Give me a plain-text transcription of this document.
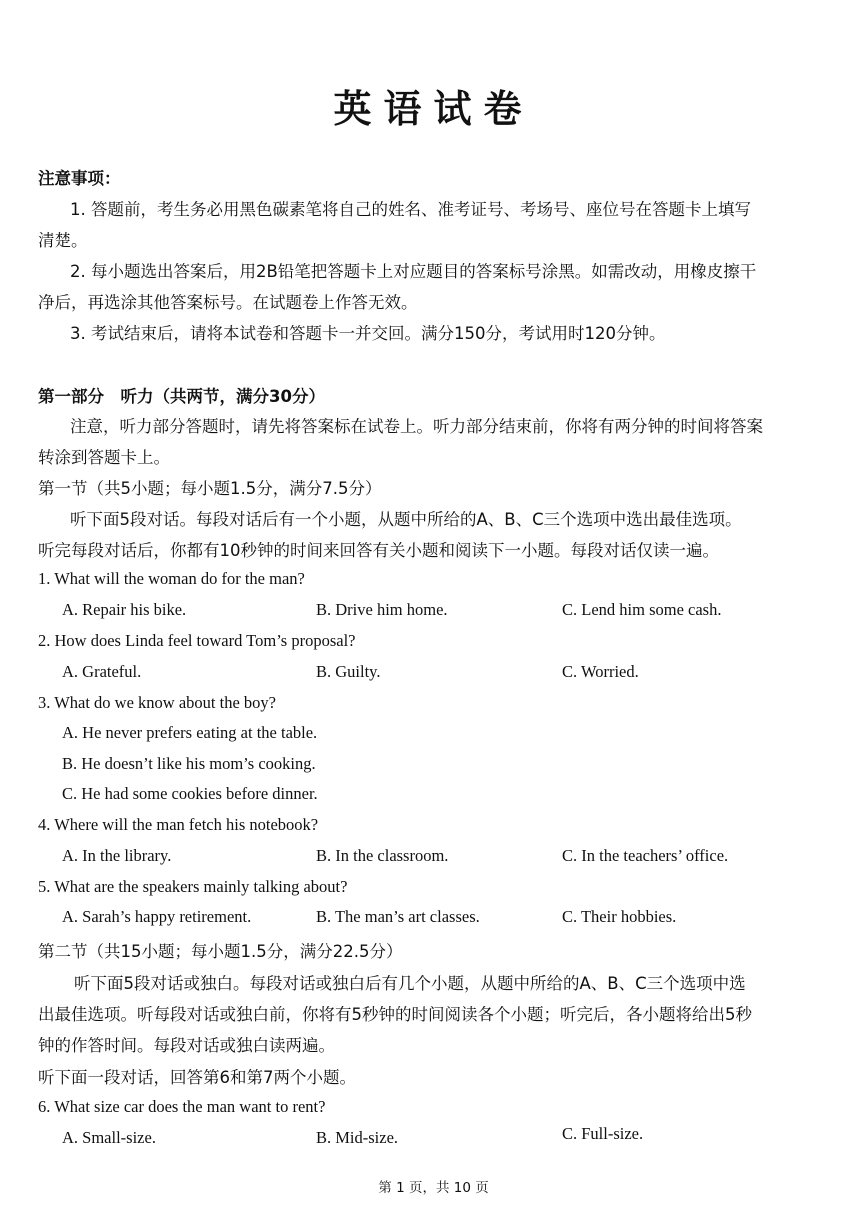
英语试卷
注意事项：
1. 答题前，考生务必用黑色碳素笔将自己的姓名、准考证号、考场号、座位号在答题卡上填写
清楚。
2. 每小题选出答案后，用2B铅笔把答题卡上对应题目的答案标号涂黑。如需改动，用橡皮擦干
净后，再选涂其他答案标号。在试题卷上作答无效。
3. 考试结束后，请将本试卷和答题卡一并交回。满分150分，考试用时120分钟。
第一部分　听力（共两节，满分30分）
注意，听力部分答题时，请先将答案标在试卷上。听力部分结束前，你将有两分钟的时间将答案
转涂到答题卡上。
第一节（共5小题；每小题1.5分，满分7.5分）
听下面5段对话。每段对话后有一个小题，从题中所给的A、B、C三个选项中选出最佳选项。
听完每段对话后，你都有10秒钟的时间来回答有关小题和阅读下一小题。每段对话仅读一遍。
1. What will the woman do for the man?
A. Repair his bike.	B. Drive him home.	C. Lend him some cash.
2. How does Linda feel toward Tom’s proposal?
A. Grateful.	B. Guilty.	C. Worried.
3. What do we know about the boy?
A. He never prefers eating at the table.
B. He doesn’t like his mom’s cooking.
C. He had some cookies before dinner.
4. Where will the man fetch his notebook?
A. In the library.	B. In the classroom.	C. In the teachers’ office.
5. What are the speakers mainly talking about?
A. Sarah’s happy retirement.	B. The man’s art classes.	C. Their hobbies.
第二节（共15小题；每小题1.5分，满分22.5分）
听下面5段对话或独白。每段对话或独白后有几个小题，从题中所给的A、B、C三个选项中选
出最佳选项。听每段对话或独白前，你将有5秒钟的时间阅读各个小题；听完后，各小题将给出5秒
钟的作答时间。每段对话或独白读两遍。
听下面一段对话，回答第6和第7两个小题。
6. What size car does the man want to rent?
A. Small-size.	B. Mid-size.	C. Full-size.
第 1 页，共 10 页
